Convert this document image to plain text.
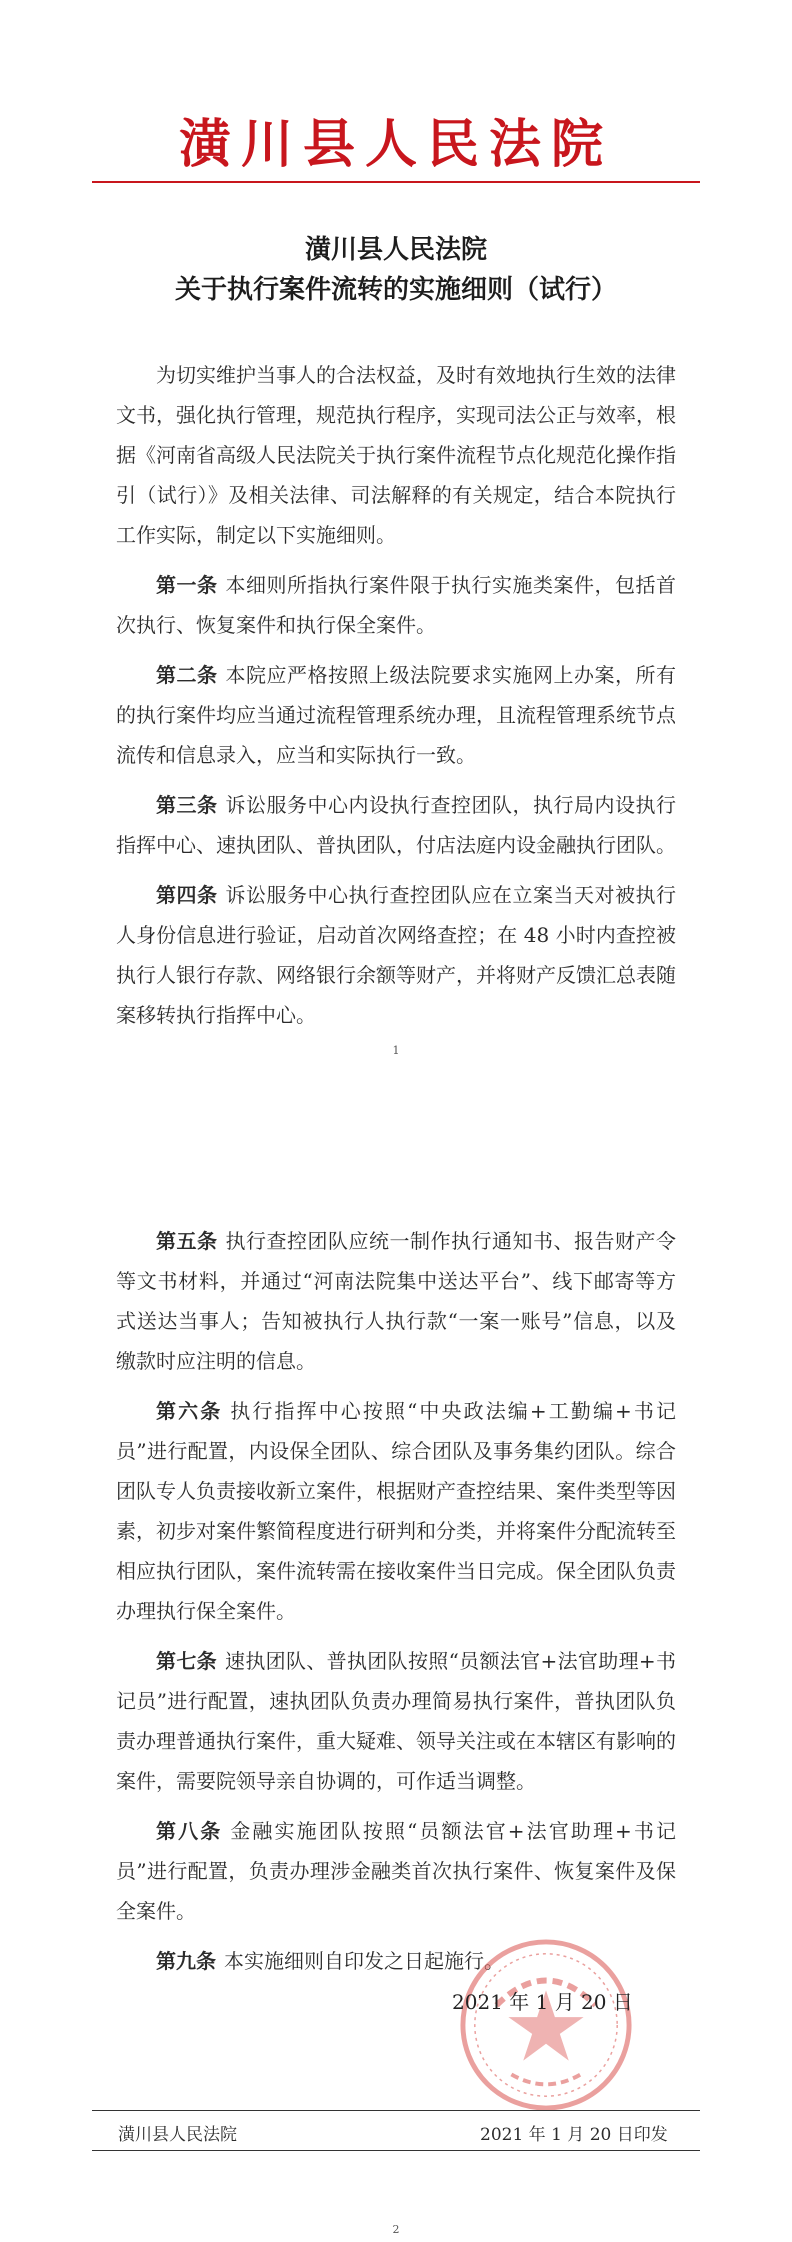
潢川县人民法院
潢川县人民法院
关于执行案件流转的实施细则（试行）

为切实维护当事人的合法权益，及时有效地执行生效的法律文书，强化执行管理，规范执行程序，实现司法公正与效率，根据《河南省高级人民法院关于执行案件流程节点化规范化操作指引（试行）》及相关法律、司法解释的有关规定，结合本院执行工作实际，制定以下实施细则。

第一条 本细则所指执行案件限于执行实施类案件，包括首次执行、恢复案件和执行保全案件。

第二条 本院应严格按照上级法院要求实施网上办案，所有的执行案件均应当通过流程管理系统办理，且流程管理系统节点流传和信息录入，应当和实际执行一致。

第三条 诉讼服务中心内设执行查控团队，执行局内设执行指挥中心、速执团队、普执团队，付店法庭内设金融执行团队。

第四条 诉讼服务中心执行查控团队应在立案当天对被执行人身份信息进行验证，启动首次网络查控；在 48 小时内查控被执行人银行存款、网络银行余额等财产，并将财产反馈汇总表随案移转执行指挥中心。

1

第五条 执行查控团队应统一制作执行通知书、报告财产令等文书材料，并通过“河南法院集中送达平台”、线下邮寄等方式送达当事人；告知被执行人执行款“一案一账号”信息，以及缴款时应注明的信息。

第六条 执行指挥中心按照“中央政法编+工勤编+书记员”进行配置，内设保全团队、综合团队及事务集约团队。综合团队专人负责接收新立案件，根据财产查控结果、案件类型等因素，初步对案件繁简程度进行研判和分类，并将案件分配流转至相应执行团队，案件流转需在接收案件当日完成。保全团队负责办理执行保全案件。

第七条 速执团队、普执团队按照“员额法官+法官助理+书记员”进行配置，速执团队负责办理简易执行案件，普执团队负责办理普通执行案件，重大疑难、领导关注或在本辖区有影响的案件，需要院领导亲自协调的，可作适当调整。

第八条 金融实施团队按照“员额法官+法官助理+书记员”进行配置，负责办理涉金融类首次执行案件、恢复案件及保全案件。

第九条 本实施细则自印发之日起施行。

2
2021 年 1 月 20 日
潢川县人民法院	2021 年 1 月 20 日印发
